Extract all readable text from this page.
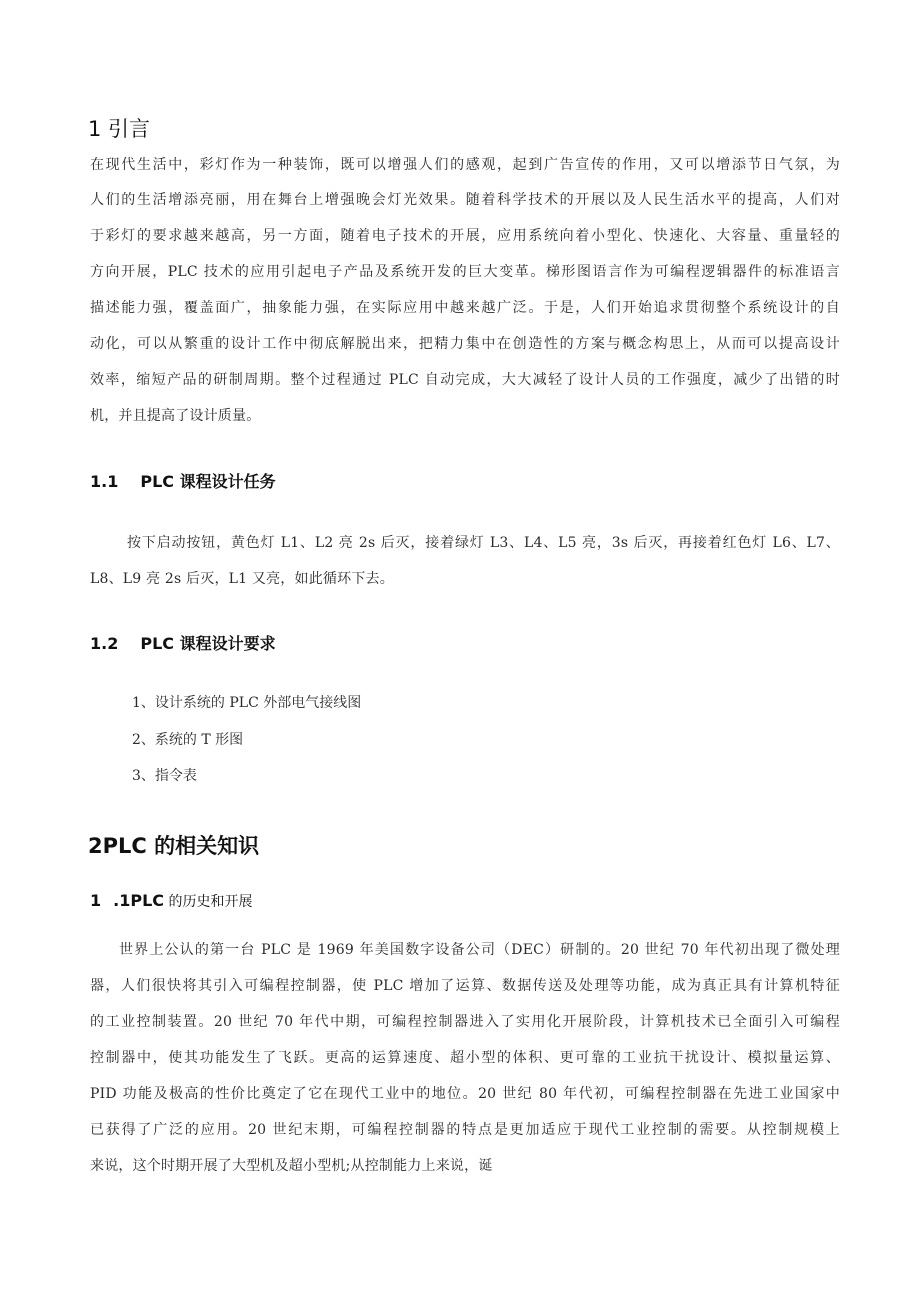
1 引言
在现代生活中，彩灯作为一种装饰，既可以增强人们的感观，起到广告宣传的作用，又可以增添节日气氛，为
人们的生活增添亮丽，用在舞台上增强晚会灯光效果。随着科学技术的开展以及人民生活水平的提高，人们对
于彩灯的要求越来越高，另一方面，随着电子技术的开展，应用系统向着小型化、快速化、大容量、重量轻的
方向开展，PLC 技术的应用引起电子产品及系统开发的巨大变革。梯形图语言作为可编程逻辑器件的标准语言
描述能力强，覆盖面广，抽象能力强，在实际应用中越来越广泛。于是，人们开始追求贯彻整个系统设计的自
动化，可以从繁重的设计工作中彻底解脱出来，把精力集中在创造性的方案与概念构思上，从而可以提高设计
效率，缩短产品的研制周期。整个过程通过 PLC 自动完成，大大减轻了设计人员的工作强度，减少了出错的时
机，并且提高了设计质量。
1.1 PLC 课程设计任务
按下启动按钮，黄色灯 L1、L2 亮 2s 后灭，接着绿灯 L3、L4、L5 亮，3s 后灭，再接着红色灯 L6、L7、
L8、L9 亮 2s 后灭，L1 又亮，如此循环下去。
1.2 PLC 课程设计要求
1、设计系统的 PLC 外部电气接线图
2、系统的 T 形图
3、指令表
2PLC 的相关知识
1 .1PLC 的历史和开展
世界上公认的第一台 PLC 是 1969 年美国数字设备公司（DEC）研制的。20 世纪 70 年代初出现了微处理
器，人们很快将其引入可编程控制器，使 PLC 增加了运算、数据传送及处理等功能，成为真正具有计算机特征
的工业控制装置。20 世纪 70 年代中期，可编程控制器进入了实用化开展阶段，计算机技术已全面引入可编程
控制器中，使其功能发生了飞跃。更高的运算速度、超小型的体积、更可靠的工业抗干扰设计、模拟量运算、
PID 功能及极高的性价比奠定了它在现代工业中的地位。20 世纪 80 年代初，可编程控制器在先进工业国家中
已获得了广泛的应用。20 世纪末期，可编程控制器的特点是更加适应于现代工业控制的需要。从控制规模上
来说，这个时期开展了大型机及超小型机;从控制能力上来说，诞
